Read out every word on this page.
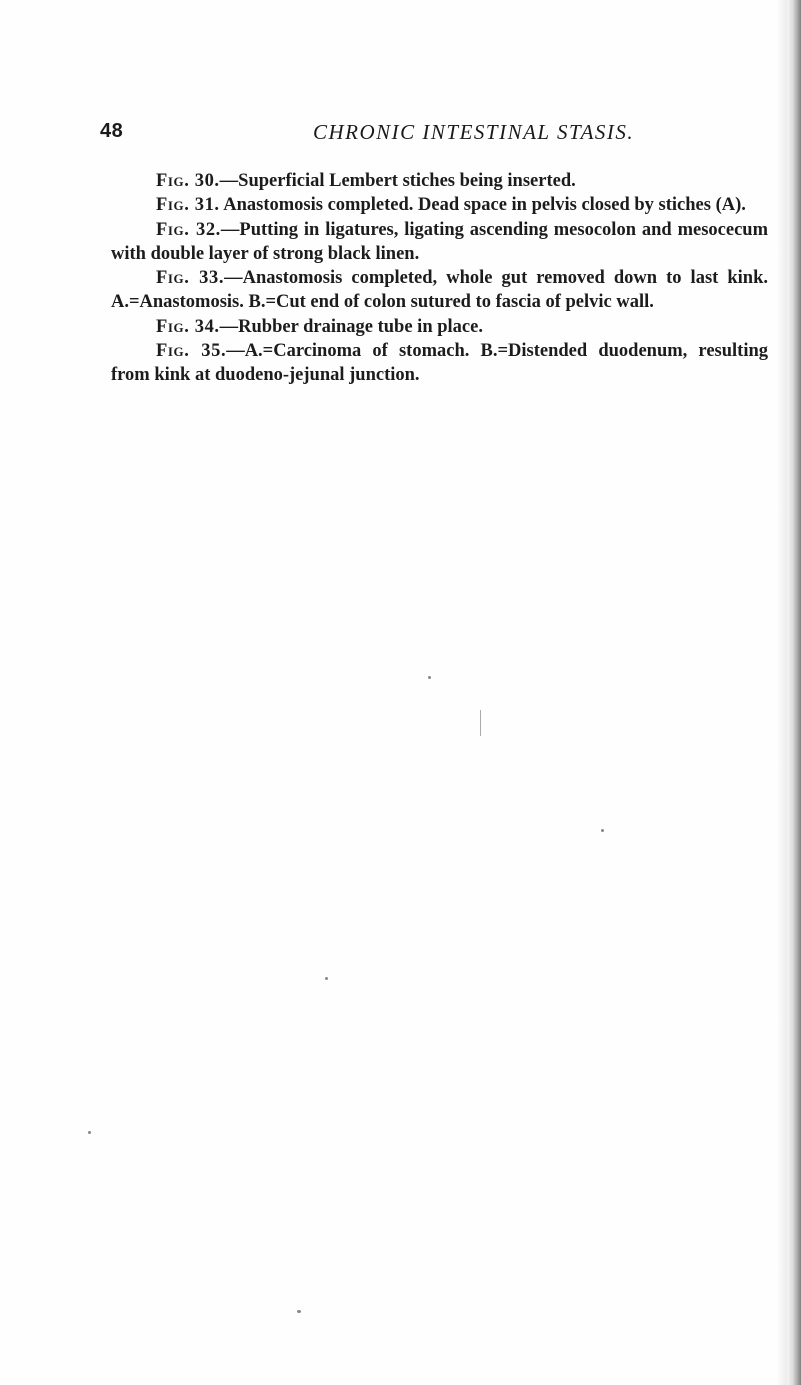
48	CHRONIC INTESTINAL STASIS.

Fig. 30.—Superficial Lembert stiches being inserted.

Fig. 31. Anastomosis completed. Dead space in pelvis closed by stiches (A).

Fig. 32.—Putting in ligatures, ligating ascending mesocolon and mesocecum with double layer of strong black linen.

Fig. 33.—Anastomosis completed, whole gut removed down to last kink. A.=Anastomosis. B.=Cut end of colon sutured to fascia of pelvic wall.

Fig. 34.—Rubber drainage tube in place.

Fig. 35.—A.=Carcinoma of stomach. B.=Distended duodenum, resulting from kink at duodeno-jejunal junction.
